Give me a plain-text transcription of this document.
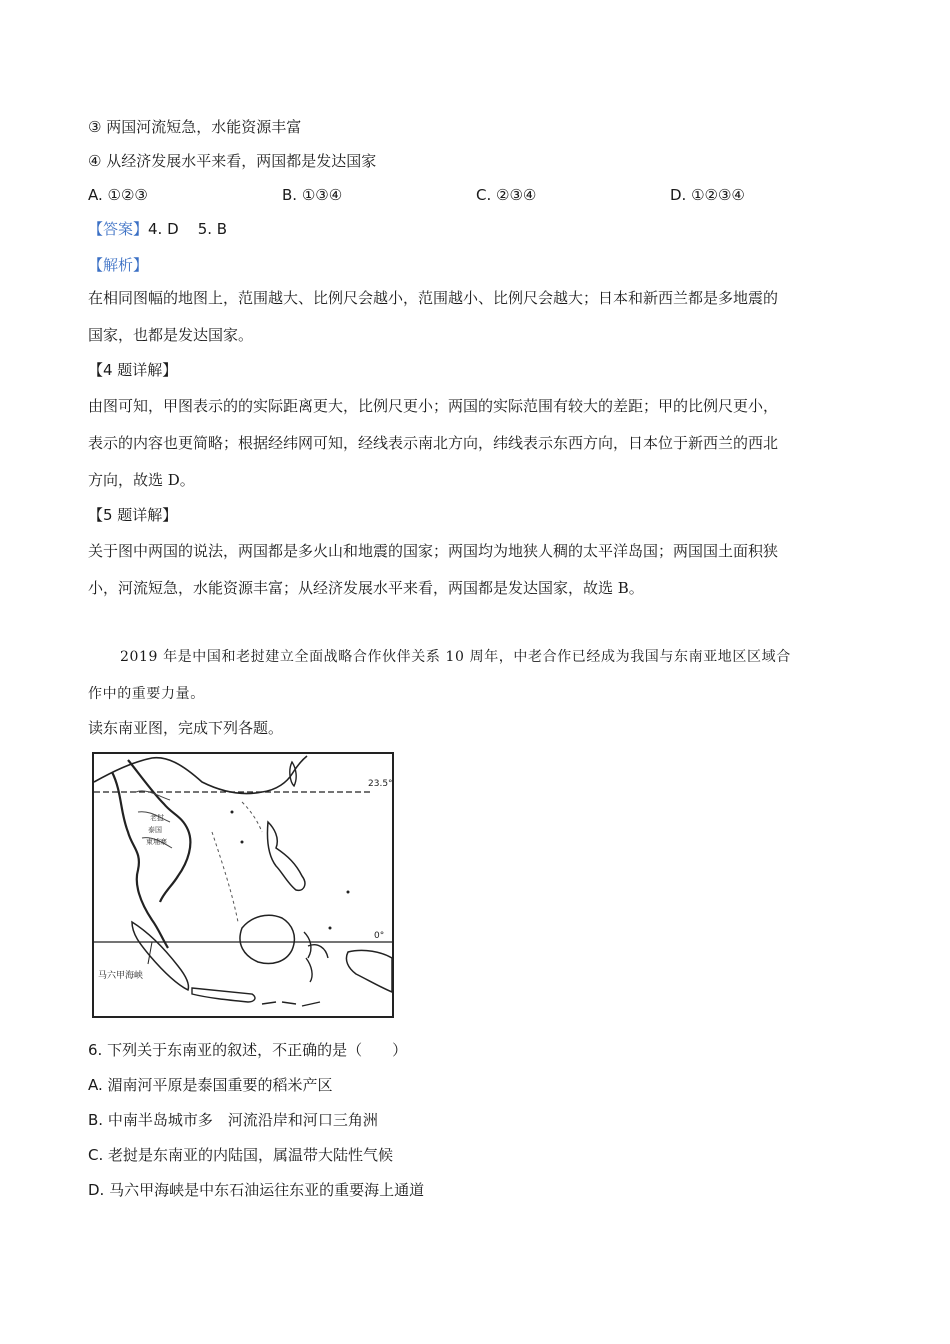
③ 两国河流短急，水能资源丰富
④ 从经济发展水平来看，两国都是发达国家
A. ①②③	B. ①③④	C. ②③④	D. ①②③④
【答案】4. D    5. B
【解析】
在相同图幅的地图上，范围越大、比例尺会越小，范围越小、比例尺会越大；日本和新西兰都是多地震的
国家，也都是发达国家。
【4 题详解】
由图可知，甲图表示的的实际距离更大，比例尺更小；两国的实际范围有较大的差距；甲的比例尺更小，
表示的内容也更简略；根据经纬网可知，经线表示南北方向，纬线表示东西方向，日本位于新西兰的西北
方向，故选 D。
【5 题详解】
关于图中两国的说法，两国都是多火山和地震的国家；两国均为地狭人稠的太平洋岛国；两国国土面积狭
小，河流短急，水能资源丰富；从经济发展水平来看，两国都是发达国家，故选 B。
2019 年是中国和老挝建立全面战略合作伙伴关系 10 周年，中老合作已经成为我国与东南亚地区区域合
作中的重要力量。
读东南亚图，完成下列各题。
23.5°
0°
马六甲海峡
老挝
泰国
柬埔寨
6. 下列关于东南亚的叙述，不正确的是（　　）
A. 湄南河平原是泰国重要的稻米产区
B. 中南半岛城市多　河流沿岸和河口三角洲
C. 老挝是东南亚的内陆国，属温带大陆性气候
D. 马六甲海峡是中东石油运往东亚的重要海上通道
